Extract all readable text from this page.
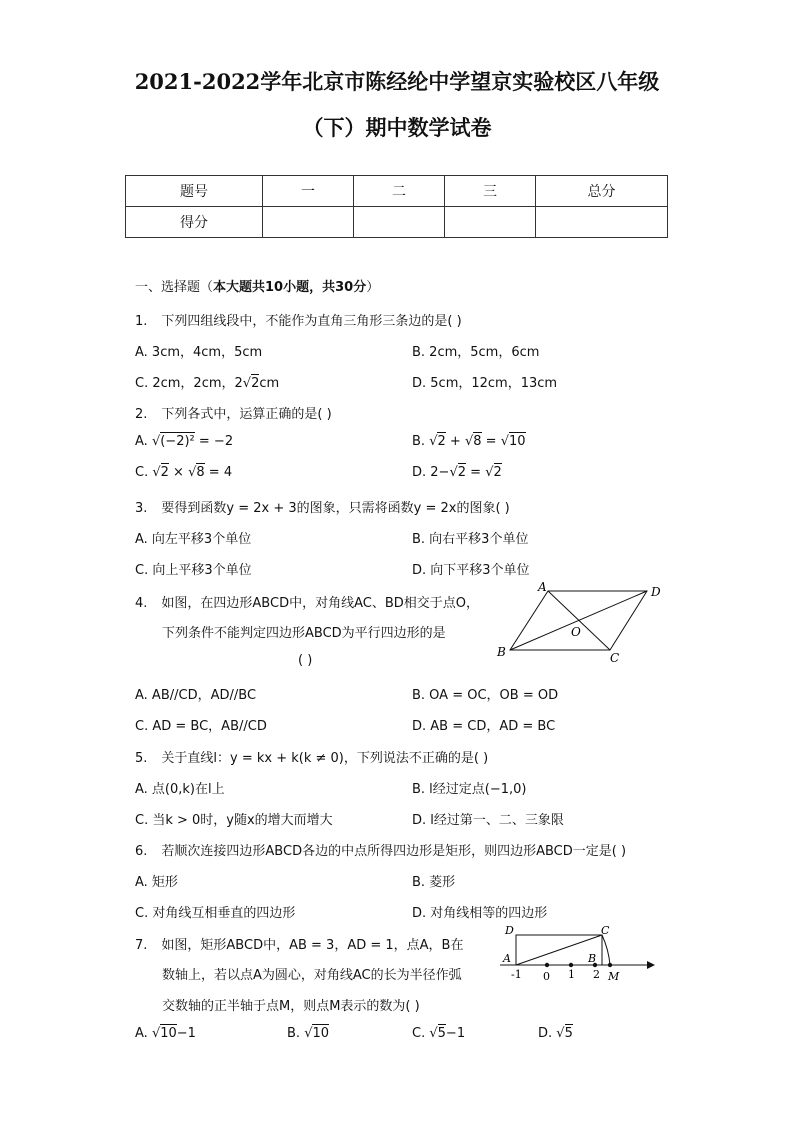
2021-2022学年北京市陈经纶中学望京实验校区八年级
（下）期中数学试卷
题号	一	二	三	总分
得分				
一、选择题（本大题共10小题，共30分）
1. 下列四组线段中，不能作为直角三角形三条边的是( )
A. 3cm，4cm，5cm	B. 2cm，5cm，6cm
C. 2cm，2cm，2√2cm	D. 5cm，12cm，13cm
2. 下列各式中，运算正确的是( )
A. √(−2)² = −2	B. √2 + √8 = √10
C. √2 × √8 = 4	D. 2−√2 = √2
3. 要得到函数y = 2x + 3的图象，只需将函数y = 2x的图象( )
A. 向左平移3个单位	B. 向右平移3个单位
C. 向上平移3个单位	D. 向下平移3个单位
4. 如图，在四边形ABCD中，对角线AC、BD相交于点O，
下列条件不能判定四边形ABCD为平行四边形的是
( )
A	D
B	C
O
A. AB//CD，AD//BC	B. OA = OC，OB = OD
C. AD = BC，AB//CD	D. AB = CD，AD = BC
5. 关于直线l：y = kx + k(k ≠ 0)，下列说法不正确的是( )
A. 点(0,k)在l上	B. l经过定点(−1,0)
C. 当k > 0时，y随x的增大而增大	D. l经过第一、二、三象限
6. 若顺次连接四边形ABCD各边的中点所得四边形是矩形，则四边形ABCD一定是( )
A. 矩形	B. 菱形
C. 对角线互相垂直的四边形	D. 对角线相等的四边形
7. 如图，矩形ABCD中，AB = 3，AD = 1，点A，B在
数轴上，若以点A为圆心，对角线AC的长为半径作弧
交数轴的正半轴于点M，则点M表示的数为( )
D	C
A	B
M
-1 0 1 2
A. √10−1	B. √10	C. √5−1	D. √5
